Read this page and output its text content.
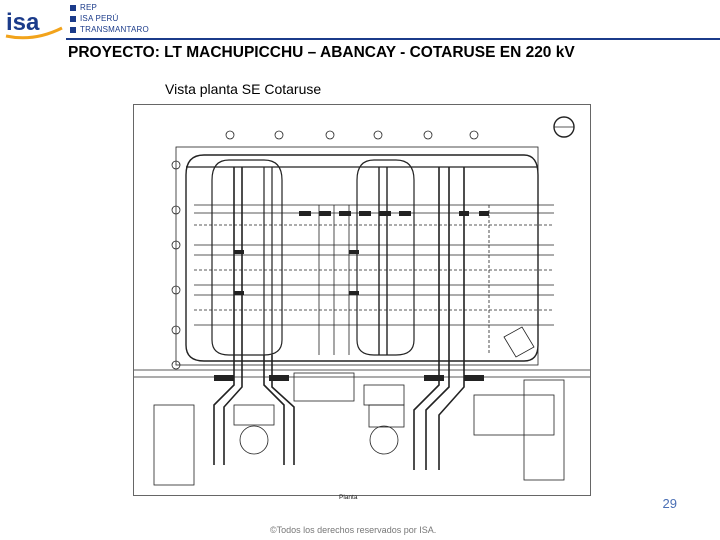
isa
REP
ISA PERÚ
TRANSMANTARO
PROYECTO: LT MACHUPICCHU – ABANCAY - COTARUSE EN 220 kV
Vista planta SE Cotaruse
Planta	29
©Todos los derechos reservados por ISA.
